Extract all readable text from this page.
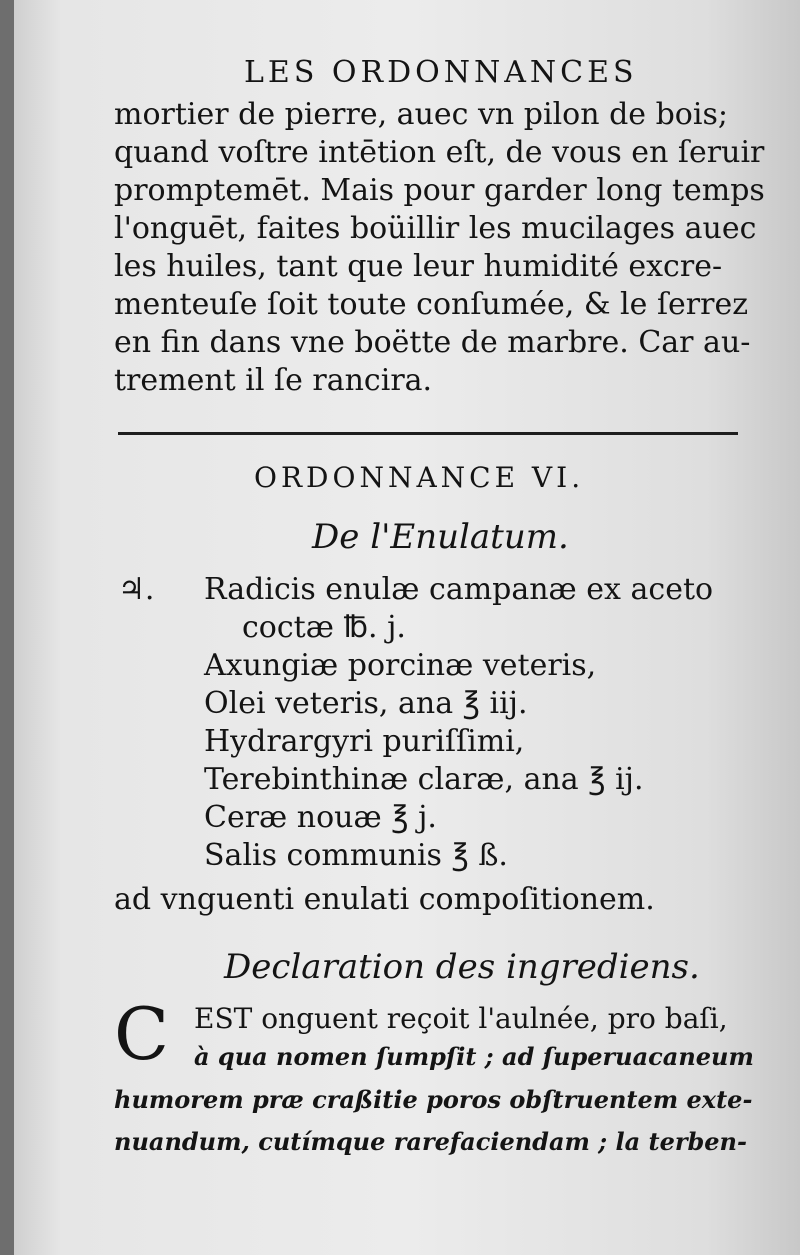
LES ORDONNANCES
mortier de pierre, auec vn pilon de bois;
quand voſtre intētion eſt, de vous en ſeruir
promptemēt. Mais pour garder long temps
l'onguēt, faites boüillir les mucilages auec
les huiles, tant que leur humidité excre-
menteuſe ſoit toute conſumée, & le ſerrez
en fin dans vne boëtte de marbre. Car au-
trement il ſe rancira.
ORDONNANCE VI.
De l'Enulatum.
♃. Radicis enulæ campanæ ex aceto
coctæ ℔. j.
Axungiæ porcinæ veteris,
Olei veteris, ana ℥ iij.
Hydrargyri puriſſimi,
Terebinthinæ claræ, ana ℥ ij.
Ceræ nouæ ℥ j.
Salis communis ℥ ß.
ad vnguenti enulati compoſitionem.
Declaration des ingrediens.
C EST onguent reçoit l'aulnée, pro baſi,
à qua nomen ſumpſit ; ad ſuperuacaneum
humorem præ craßitie poros obſtruentem exte-
nuandum, cutímque rarefaciendam ; la terben-
